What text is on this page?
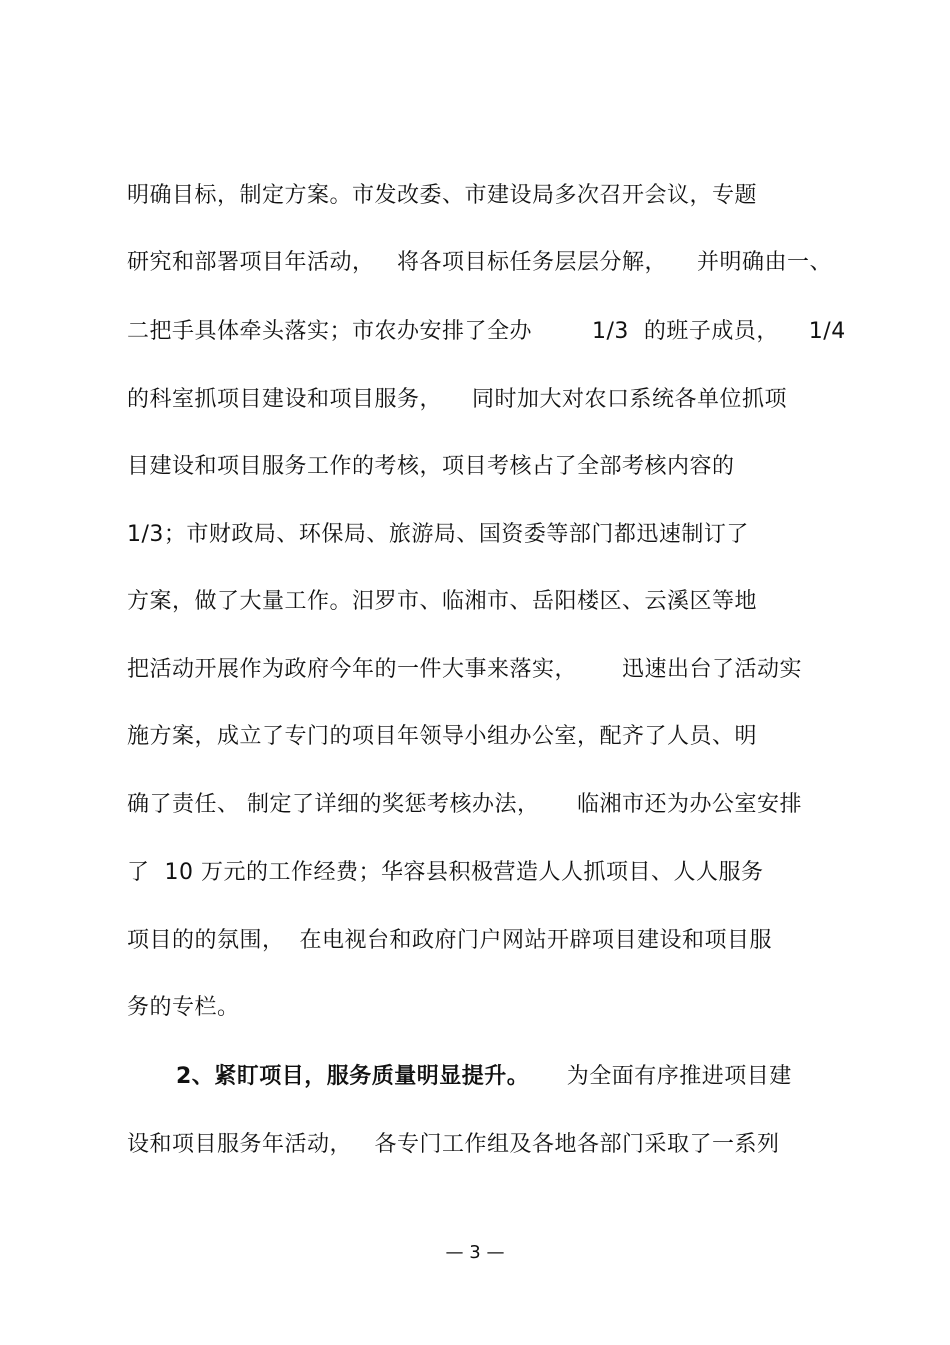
明确目标，制定方案。市发改委、市建设局多次召开会议，专题
研究和部署项目年活动，   将各项目标任务层层分解，    并明确由一、
二把手具体牵头落实；市农办安排了全办        1/3  的班子成员，    1/4
的科室抓项目建设和项目服务，    同时加大对农口系统各单位抓项
目建设和项目服务工作的考核，项目考核占了全部考核内容的
1/3；市财政局、环保局、旅游局、国资委等部门都迅速制订了
方案，做了大量工作。汨罗市、临湘市、岳阳楼区、云溪区等地
把活动开展作为政府今年的一件大事来落实，      迅速出台了活动实
施方案，成立了专门的项目年领导小组办公室，配齐了人员、明
确了责任、 制定了详细的奖惩考核办法，     临湘市还为办公室安排
了  10 万元的工作经费；华容县积极营造人人抓项目、人人服务
项目的的氛围，  在电视台和政府门户网站开辟项目建设和项目服
务的专栏。
2、紧盯项目，服务质量明显提升。     为全面有序推进项目建
设和项目服务年活动，   各专门工作组及各地各部门采取了一系列
— 3 —
